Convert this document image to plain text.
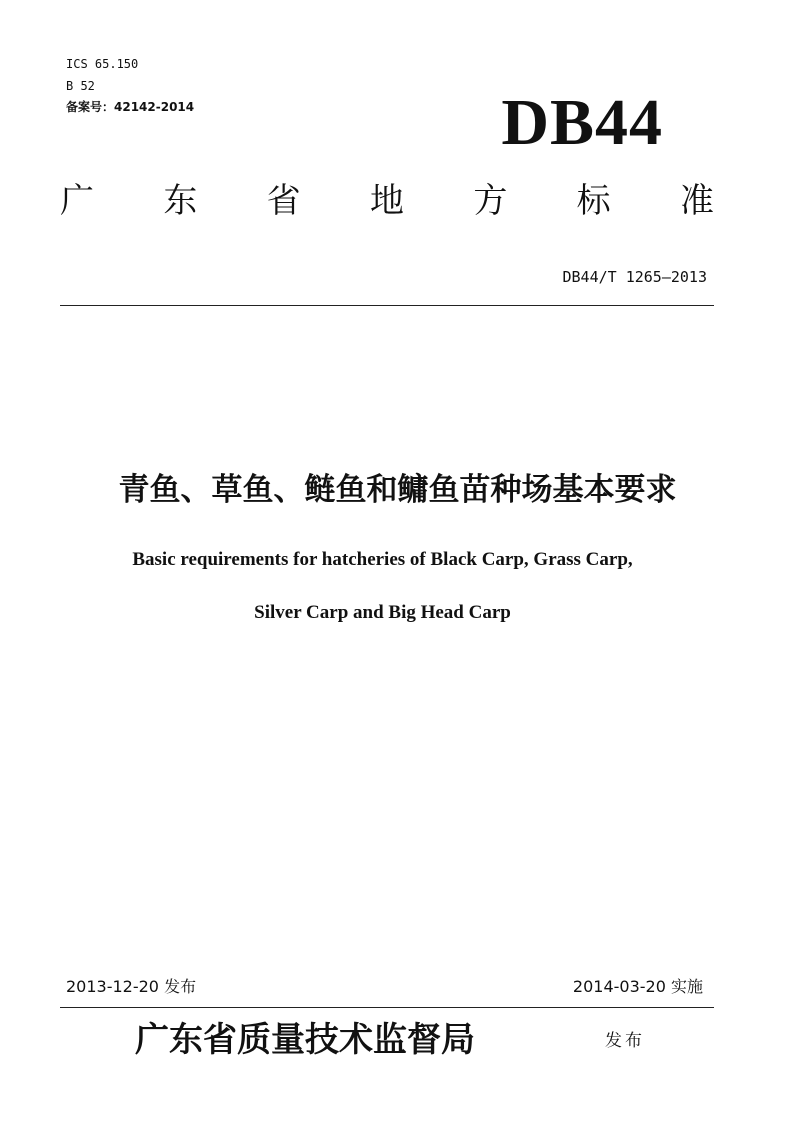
ICS 65.150
B 52
备案号：42142-2014	DB44
广 东 省 地 方 标 准
DB44/T 1265—2013
青鱼、草鱼、鲢鱼和鳙鱼苗种场基本要求
Basic requirements for hatcheries of Black Carp, Grass Carp,
Silver Carp and Big Head Carp
2013-12-20 发布	2014-03-20 实施
广东省质量技术监督局	发布
